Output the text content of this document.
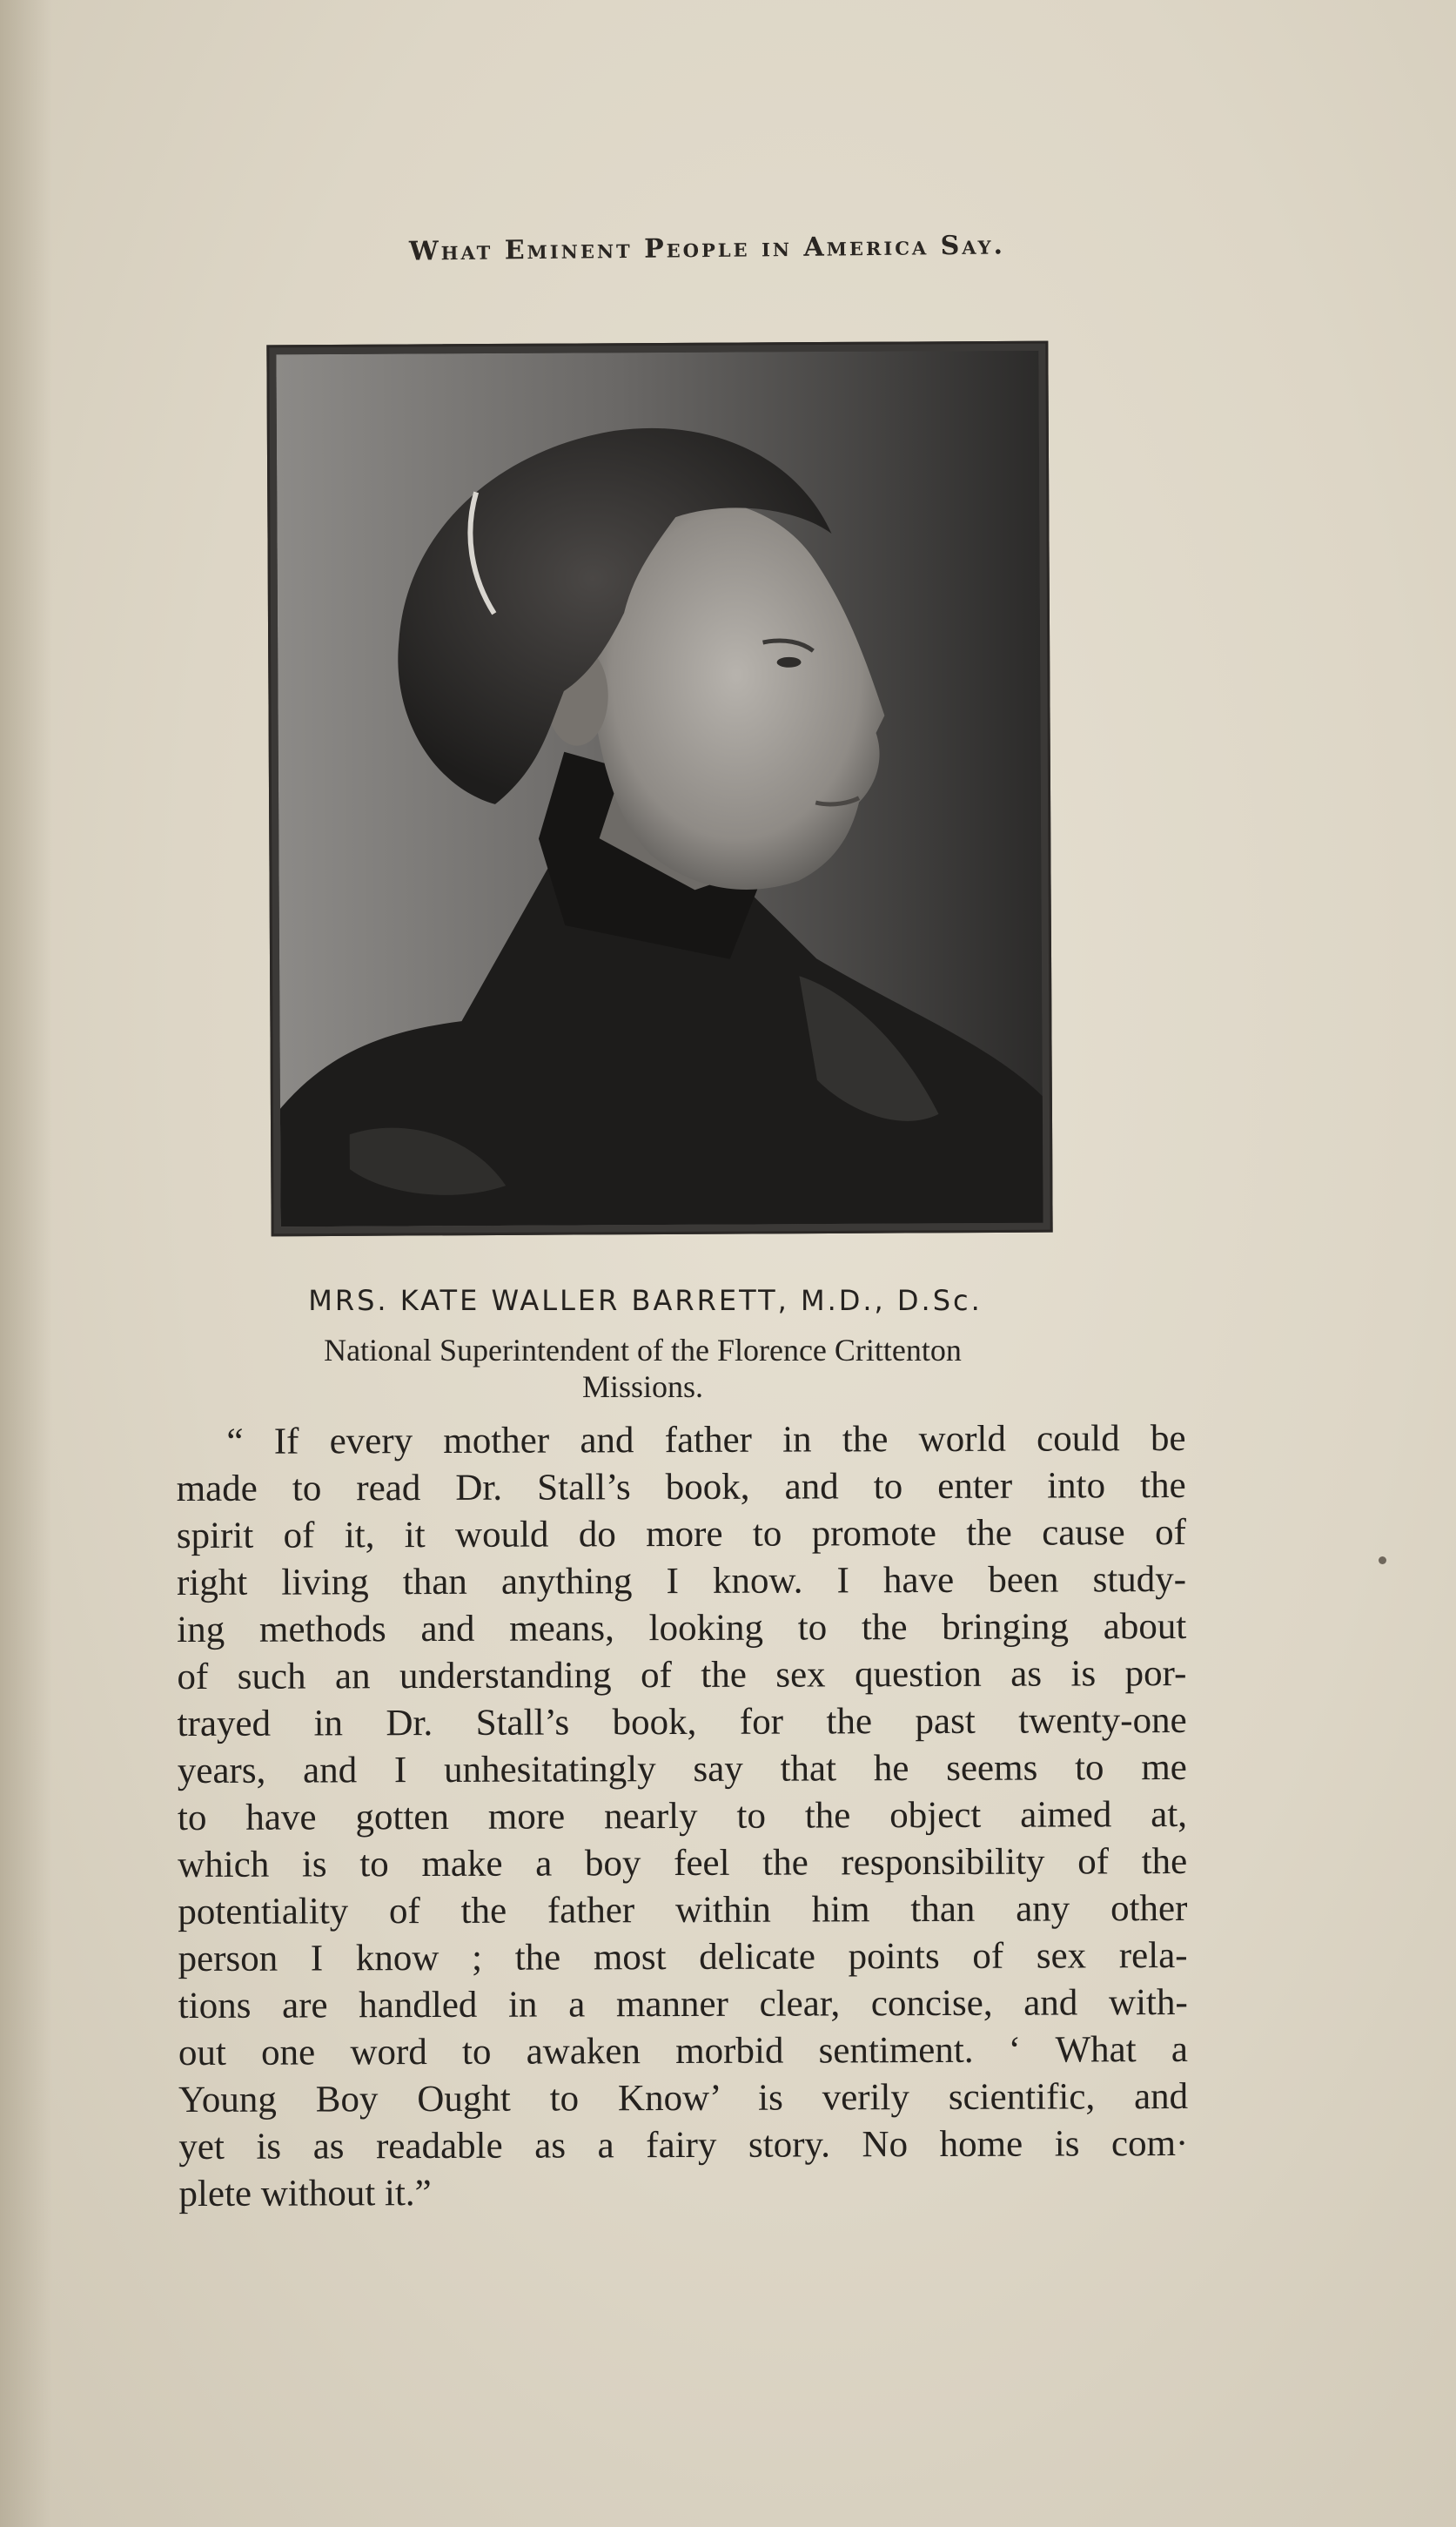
What Eminent People in America Say.
MRS. KATE WALLER BARRETT, M.D., D.Sc.
National Superintendent of the Florence Crittenton
Missions.
“ If every mother and father in the world could be
made to read Dr. Stall’s book, and to enter into the
spirit of it, it would do more to promote the cause of
right living than anything I know. I have been study-
ing methods and means, looking to the bringing about
of such an understanding of the sex question as is por-
trayed in Dr. Stall’s book, for the past twenty-one
years, and I unhesitatingly say that he seems to me
to have gotten more nearly to the object aimed at,
which is to make a boy feel the responsibility of the
potentiality of the father within him than any other
person I know ; the most delicate points of sex rela-
tions are handled in a manner clear, concise, and with-
out one word to awaken morbid sentiment. ‘ What a
Young Boy Ought to Know’ is verily scientific, and
yet is as readable as a fairy story. No home is com·
plete without it.”
